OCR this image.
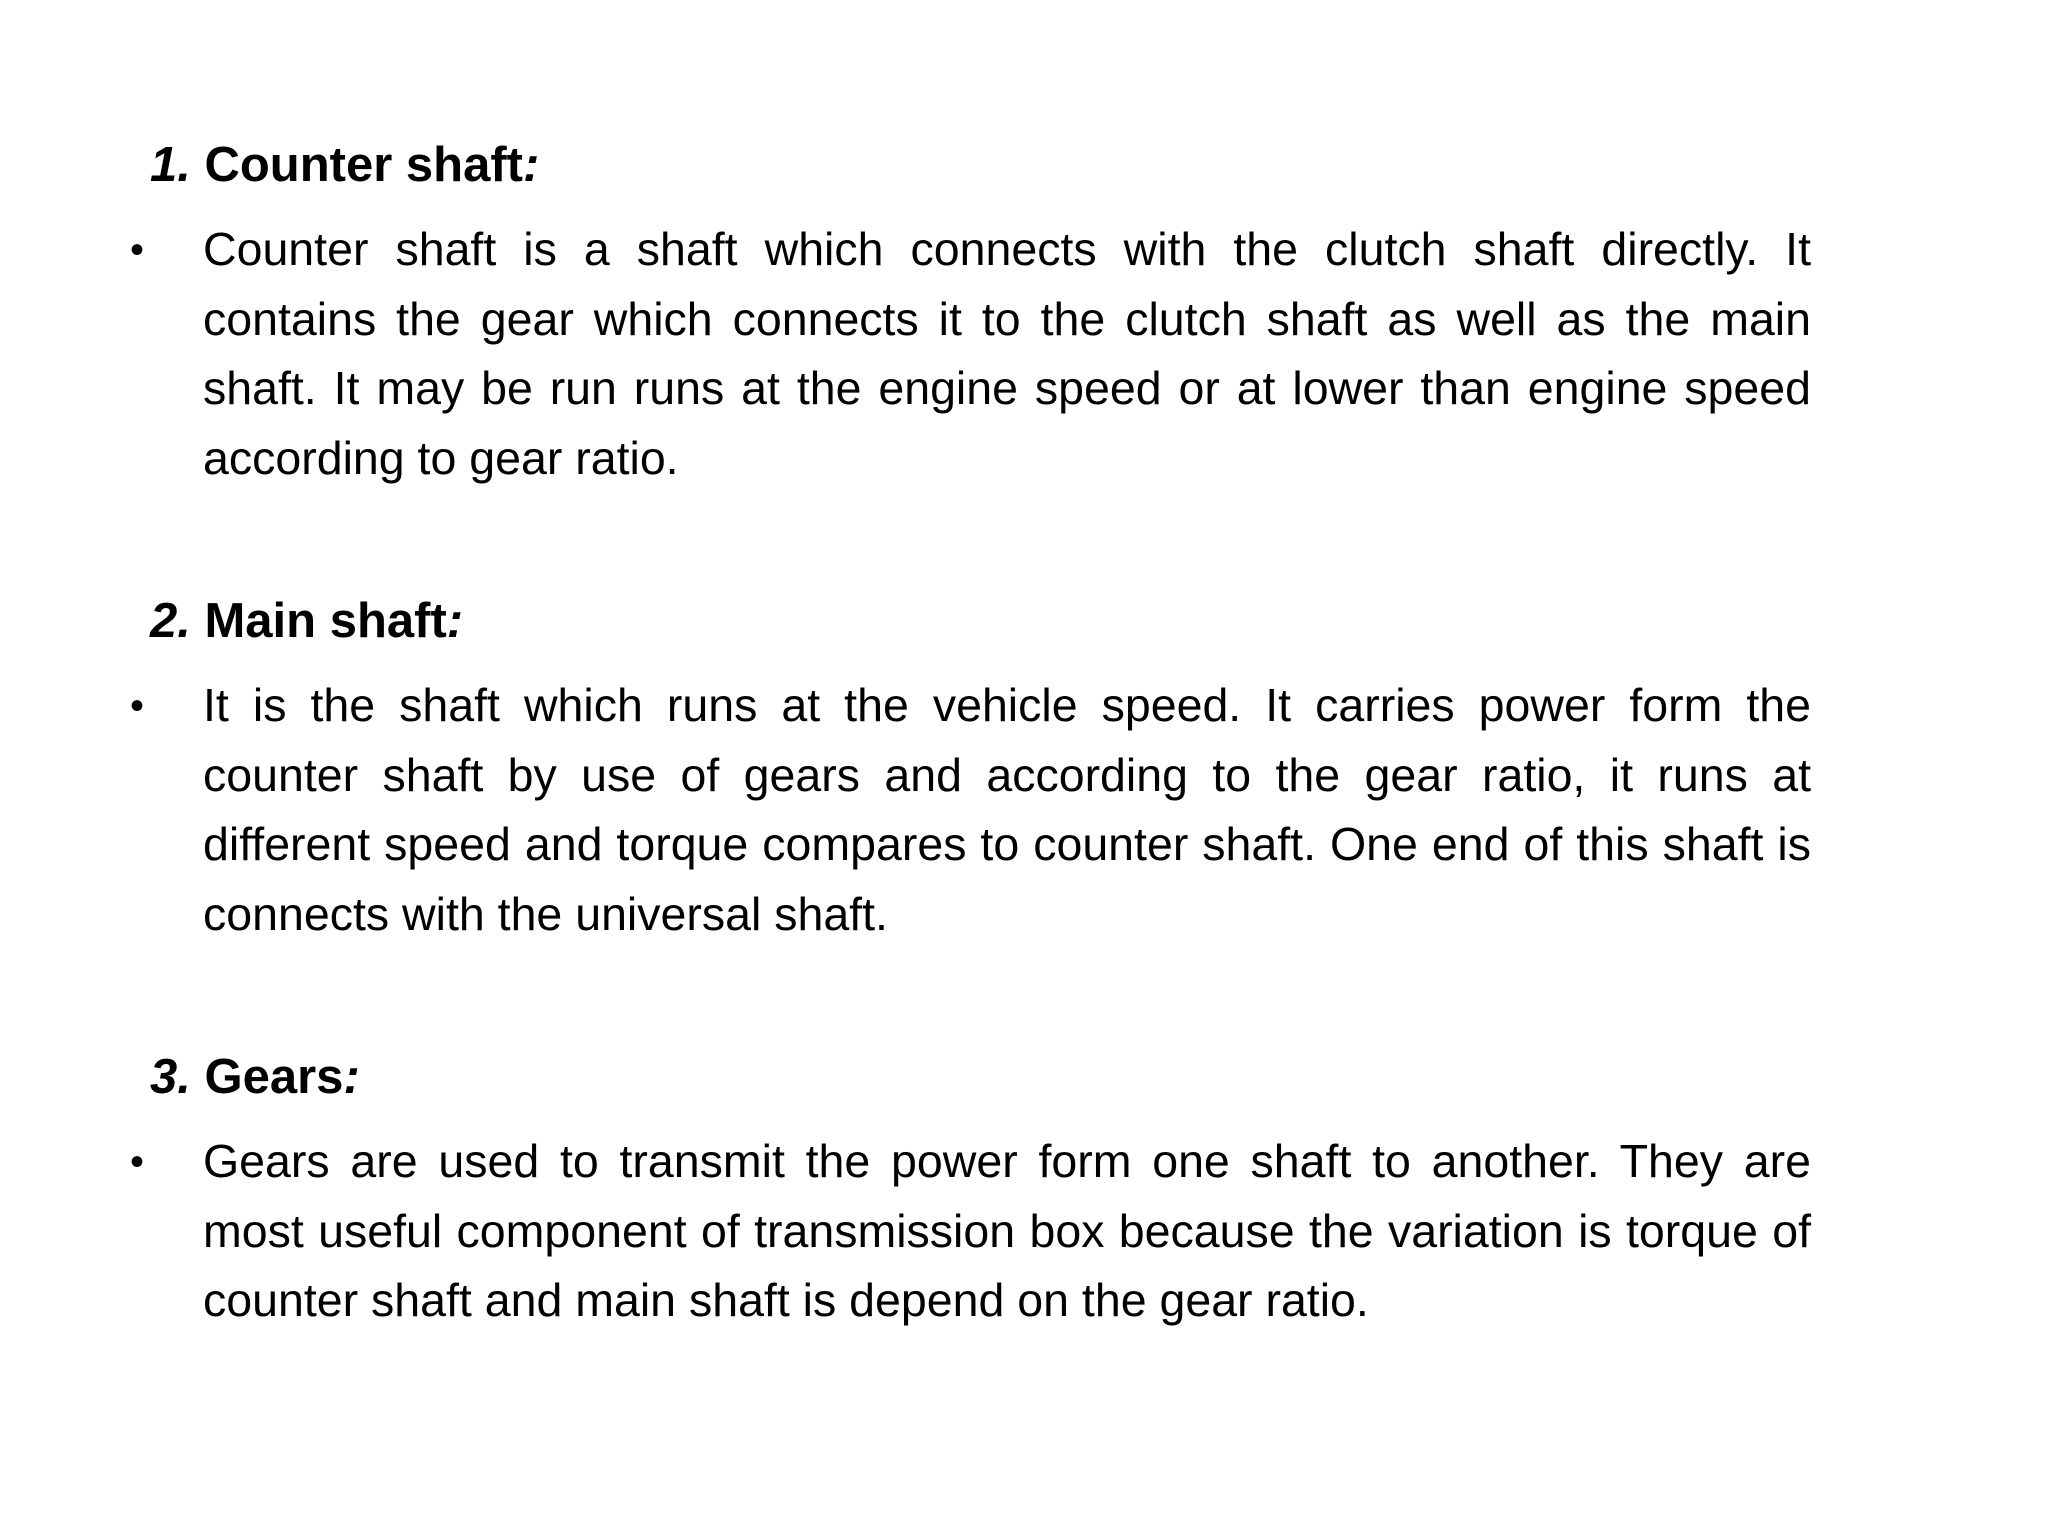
1. Counter shaft:
• Counter shaft is a shaft which connects with the clutch shaft directly. It contains the gear which connects it to the clutch shaft as well as the main shaft. It may be run runs at the engine speed or at lower than engine speed according to gear ratio.
2. Main shaft:
• It is the shaft which runs at the vehicle speed. It carries power form the counter shaft by use of gears and according to the gear ratio, it runs at different speed and torque compares to counter shaft. One end of this shaft is connects with the universal shaft.
3. Gears:
• Gears are used to transmit the power form one shaft to another. They are most useful component of transmission box because the variation is torque of counter shaft and main shaft is depend on the gear ratio.
